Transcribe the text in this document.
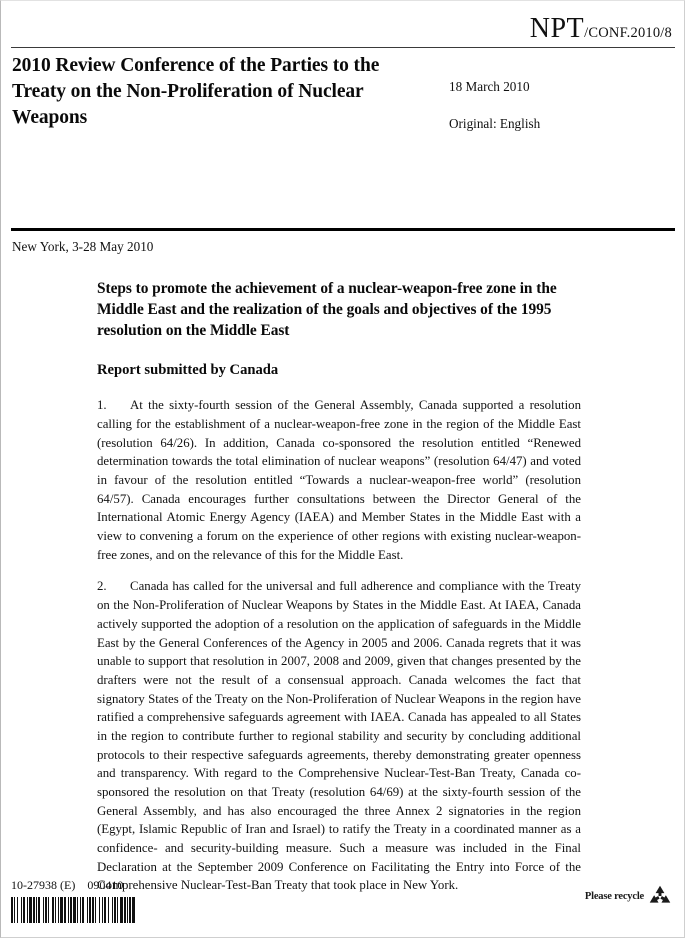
NPT/CONF.2010/8
2010 Review Conference of the Parties to the Treaty on the Non-Proliferation of Nuclear Weapons
18 March 2010
Original: English
New York, 3-28 May 2010
Steps to promote the achievement of a nuclear-weapon-free zone in the Middle East and the realization of the goals and objectives of the 1995 resolution on the Middle East
Report submitted by Canada

1. At the sixty-fourth session of the General Assembly, Canada supported a resolution calling for the establishment of a nuclear-weapon-free zone in the region of the Middle East (resolution 64/26). In addition, Canada co-sponsored the resolution entitled “Renewed determination towards the total elimination of nuclear weapons” (resolution 64/47) and voted in favour of the resolution entitled “Towards a nuclear-weapon-free world” (resolution 64/57). Canada encourages further consultations between the Director General of the International Atomic Energy Agency (IAEA) and Member States in the Middle East with a view to convening a forum on the experience of other regions with existing nuclear-weapon-free zones, and on the relevance of this for the Middle East.

2. Canada has called for the universal and full adherence and compliance with the Treaty on the Non-Proliferation of Nuclear Weapons by States in the Middle East. At IAEA, Canada actively supported the adoption of a resolution on the application of safeguards in the Middle East by the General Conferences of the Agency in 2005 and 2006. Canada regrets that it was unable to support that resolution in 2007, 2008 and 2009, given that changes presented by the drafters were not the result of a consensual approach. Canada welcomes the fact that signatory States of the Treaty on the Non-Proliferation of Nuclear Weapons in the region have ratified a comprehensive safeguards agreement with IAEA. Canada has appealed to all States in the region to contribute further to regional stability and security by concluding additional protocols to their respective safeguards agreements, thereby demonstrating greater openness and transparency. With regard to the Comprehensive Nuclear-Test-Ban Treaty, Canada co-sponsored the resolution on that Treaty (resolution 64/69) at the sixty-fourth session of the General Assembly, and has also encouraged the three Annex 2 signatories in the region (Egypt, Islamic Republic of Iran and Israel) to ratify the Treaty in a coordinated manner as a confidence- and security-building measure. Such a measure was included in the Final Declaration at the September 2009 Conference on Facilitating the Entry into Force of the Comprehensive Nuclear-Test-Ban Treaty that took place in New York.

10-27938 (E)    090410
Please recycle
